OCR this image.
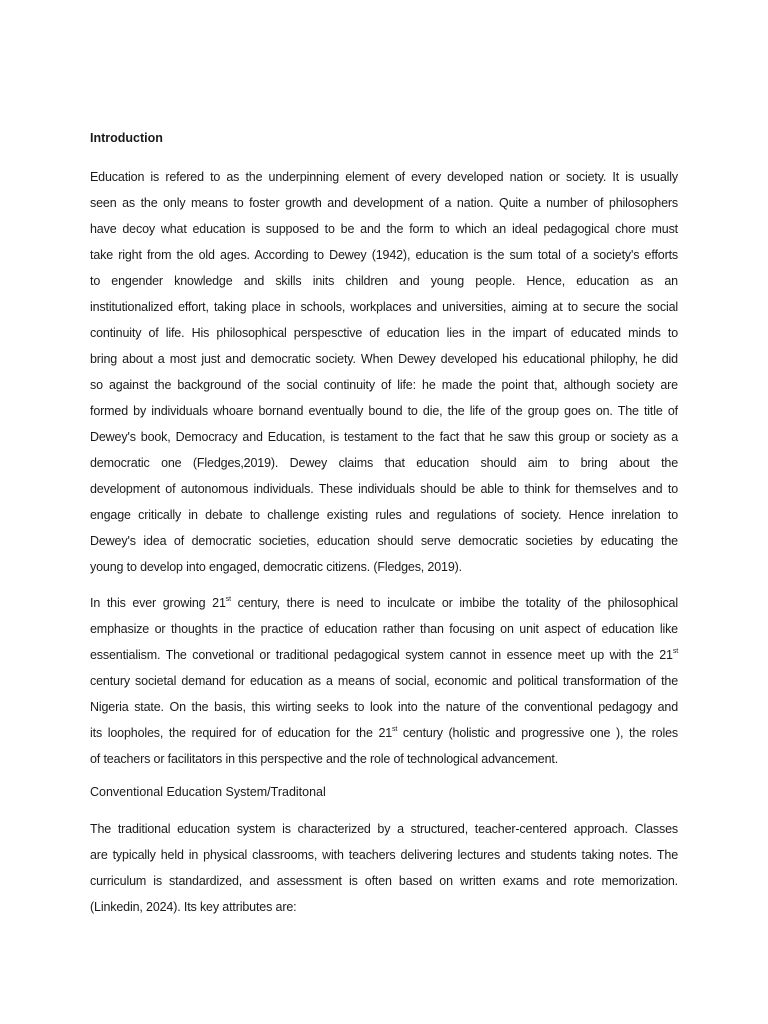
Introduction
Education is refered to as the underpinning element of every developed nation or society. It is usually
seen as the only means to foster growth and development of a nation. Quite a number of philosophers
have decoy what education is supposed to be and the form to which an ideal pedagogical chore must
take right from the old ages. According to Dewey (1942), education is the sum total of a society's efforts
to engender knowledge and skills inits children and young people. Hence, education as an
institutionalized effort, taking place in schools, workplaces and universities, aiming at to secure the social
continuity of life. His philosophical perspesctive of education lies in the impart of educated minds to
bring about a most just and democratic society. When Dewey developed his educational philophy, he did
so against the background of the social continuity of life: he made the point that, although society are
formed by individuals whoare bornand eventually bound to die, the life of the group goes on. The title of
Dewey's book, Democracy and Education, is testament to the fact that he saw this group or society as a
democratic one (Fledges,2019). Dewey claims that education should aim to bring about the
development of autonomous individuals. These individuals should be able to think for themselves and to
engage critically in debate to challenge existing rules and regulations of society. Hence inrelation to
Dewey's idea of democratic societies, education should serve democratic societies by educating the
young to develop into engaged, democratic citizens. (Fledges, 2019).
In this ever growing 21st century, there is need to inculcate or imbibe the totality of the philosophical
emphasize or thoughts in the practice of education rather than focusing on unit aspect of education like
essentialism. The convetional or traditional pedagogical system cannot in essence meet up with the 21st
century societal demand for education as a means of social, economic and political transformation of the
Nigeria state. On the basis, this wirting seeks to look into the nature of the conventional pedagogy and
its loopholes, the required for of education for the 21st century (holistic and progressive one ), the roles
of teachers or facilitators in this perspective and the role of technological advancement.
Conventional Education System/Traditonal
The traditional education system is characterized by a structured, teacher-centered approach. Classes
are typically held in physical classrooms, with teachers delivering lectures and students taking notes. The
curriculum is standardized, and assessment is often based on written exams and rote memorization.
(Linkedin, 2024). Its key attributes are:
